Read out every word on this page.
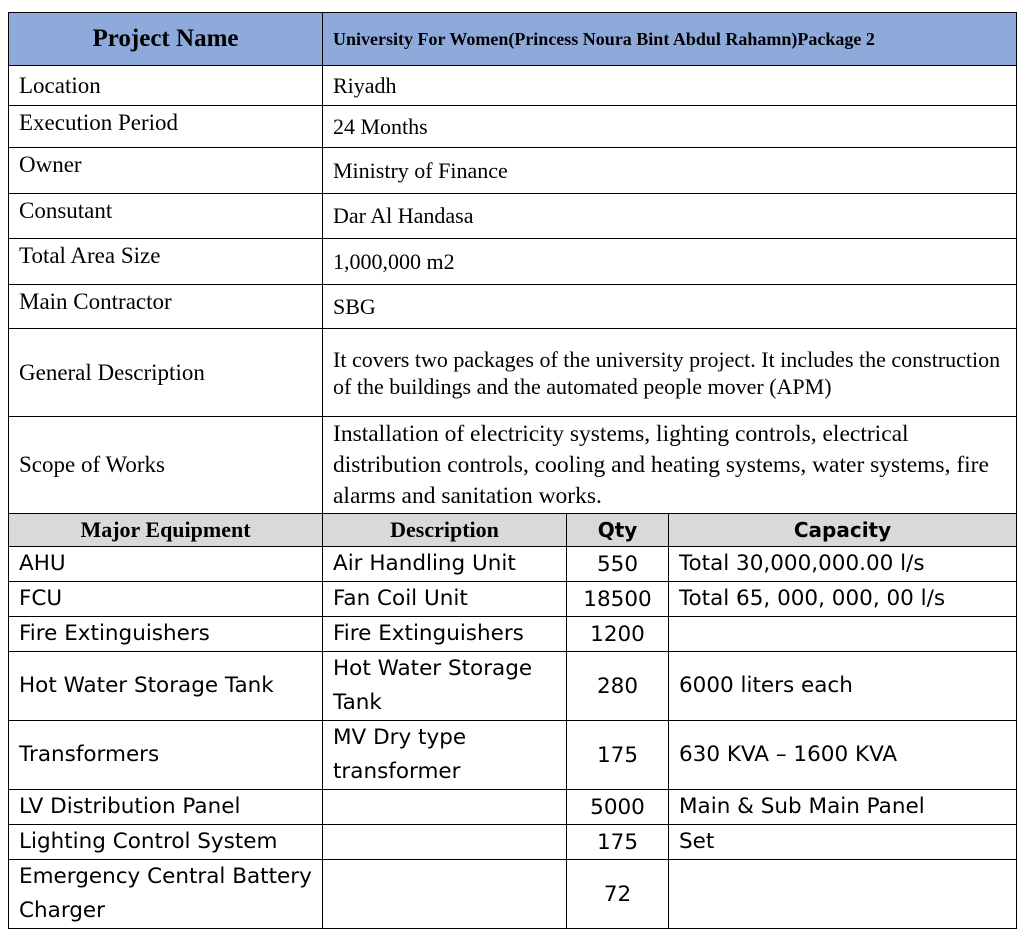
Project Name	University For Women(Princess Noura Bint Abdul Rahamn)Package 2		
Location	Riyadh		
Execution Period	24 Months		
Owner	Ministry of Finance		
Consutant	Dar Al Handasa		
Total Area Size	1,000,000 m2		
Main Contractor	SBG		
General Description	It covers two packages of the university project. It includes the construction of the buildings and the automated people mover (APM)		
Scope of Works	Installation of electricity systems, lighting controls, electrical distribution controls, cooling and heating systems, water systems, fire alarms and sanitation works.		
Major Equipment	Description	Qty	Capacity
AHU	Air Handling Unit	550	Total 30,000,000.00 l/s
FCU	Fan Coil Unit	18500	Total 65, 000, 000, 00 l/s
Fire Extinguishers	Fire Extinguishers	1200	
Hot Water Storage Tank	Hot Water Storage Tank	280	6000 liters each
Transformers	MV Dry type transformer	175	630 KVA – 1600 KVA
LV Distribution Panel		5000	Main & Sub Main Panel
Lighting Control System		175	Set
Emergency Central Battery Charger		72	
